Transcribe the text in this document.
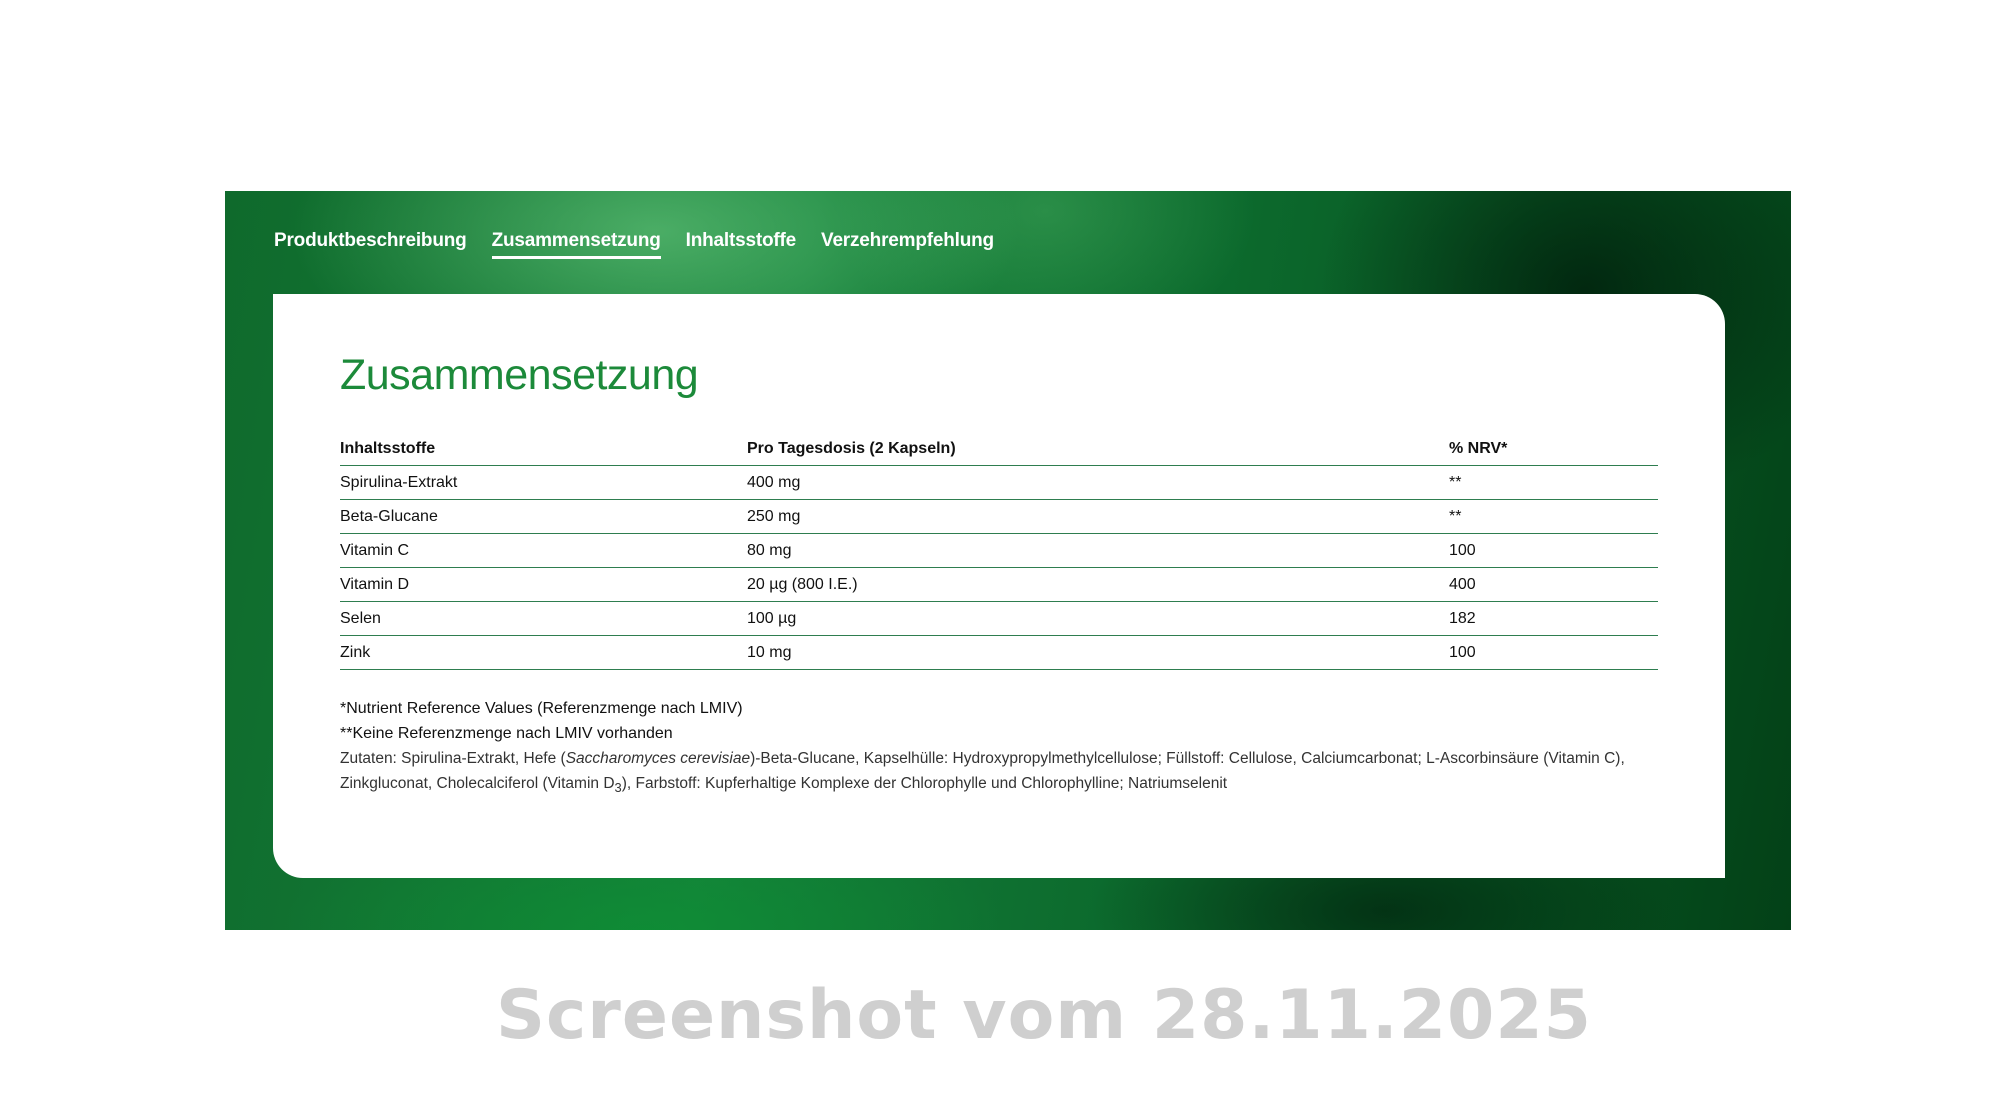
Produktbeschreibung Zusammensetzung Inhaltsstoffe Verzehrempfehlung
Zusammensetzung
Inhaltsstoffe	Pro Tagesdosis (2 Kapseln)	% NRV*
Spirulina-Extrakt	400 mg	**
Beta-Glucane	250 mg	**
Vitamin C	80 mg	100
Vitamin D	20 µg (800 I.E.)	400
Selen	100 µg	182
Zink	10 mg	100
*Nutrient Reference Values (Referenzmenge nach LMIV)
**Keine Referenzmenge nach LMIV vorhanden
Zutaten: Spirulina-Extrakt, Hefe (Saccharomyces cerevisiae)-Beta-Glucane, Kapselhülle: Hydroxypropylmethylcellulose; Füllstoff: Cellulose, Calciumcarbonat; L-Ascorbinsäure (Vitamin C), Zinkgluconat, Cholecalciferol (Vitamin $D_3$), Farbstoff: Kupferhaltige Komplexe der Chlorophylle und Chlorophylline; Natriumselenit
Screenshot vom 28.11.2025
